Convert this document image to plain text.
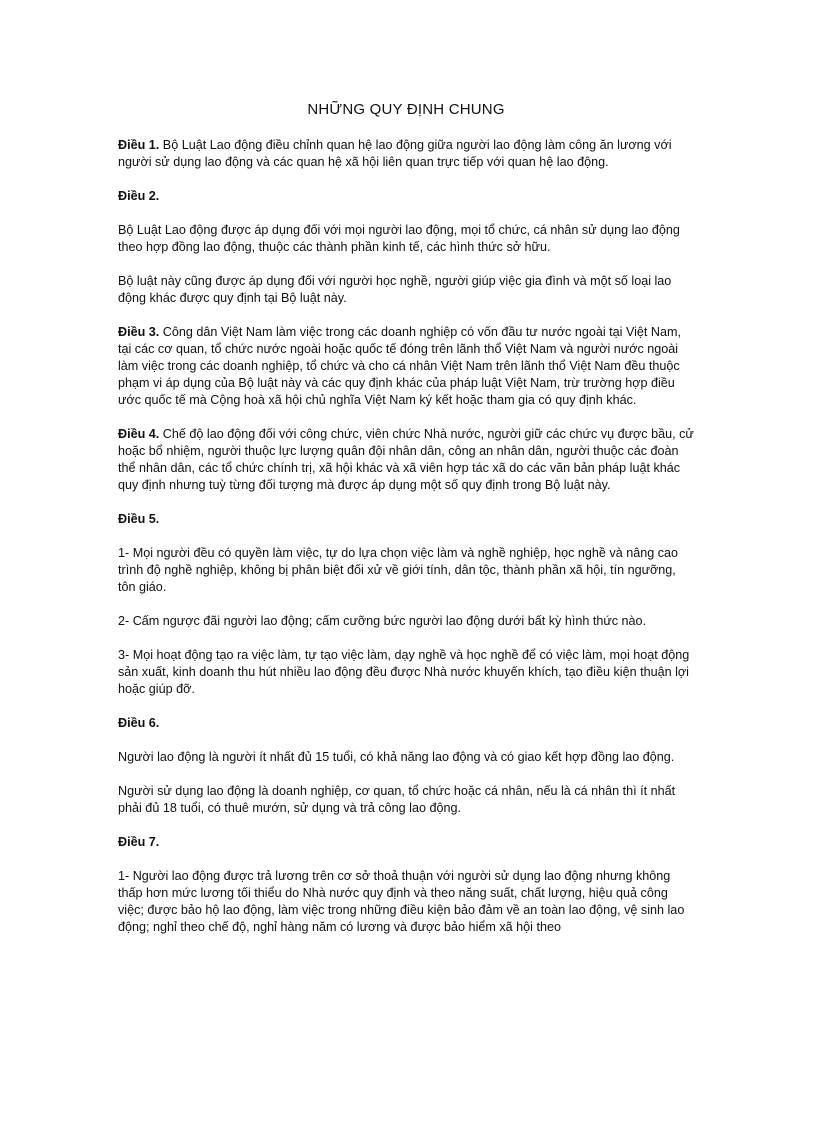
NHỮNG QUY ĐỊNH CHUNG

Điều 1. Bộ Luật Lao động điều chỉnh quan hệ lao động giữa người lao động làm công ăn lương với người sử dụng lao động và các quan hệ xã hội liên quan trực tiếp với quan hệ lao động.

Điều 2.

Bộ Luật Lao động được áp dụng đối với mọi người lao động, mọi tổ chức, cá nhân sử dụng lao động theo hợp đồng lao động, thuộc các thành phần kinh tế, các hình thức sở hữu.

Bộ luật này cũng được áp dụng đối với người học nghề, người giúp việc gia đình và một số loại lao động khác được quy định tại Bộ luật này.

Điều 3. Công dân Việt Nam làm việc trong các doanh nghiệp có vốn đầu tư nước ngoài tại Việt Nam, tại các cơ quan, tổ chức nước ngoài hoặc quốc tế đóng trên lãnh thổ Việt Nam và người nước ngoài làm việc trong các doanh nghiệp, tổ chức và cho cá nhân Việt Nam trên lãnh thổ Việt Nam đều thuộc phạm vi áp dụng của Bộ luật này và các quy định khác của pháp luật Việt Nam, trừ trường hợp điều ước quốc tế mà Cộng hoà xã hội chủ nghĩa Việt Nam ký kết hoặc tham gia có quy định khác.

Điều 4. Chế độ lao động đối với công chức, viên chức Nhà nước, người giữ các chức vụ được bầu, cử hoặc bổ nhiệm, người thuộc lực lượng quân đội nhân dân, công an nhân dân, người thuộc các đoàn thể nhân dân, các tổ chức chính trị, xã hội khác và xã viên hợp tác xã do các văn bản pháp luật khác quy định nhưng tuỳ từng đối tượng mà được áp dụng một số quy định trong Bộ luật này.

Điều 5.

1- Mọi người đều có quyền làm việc, tự do lựa chọn việc làm và nghề nghiệp, học nghề và nâng cao trình độ nghề nghiệp, không bị phân biệt đối xử về giới tính, dân tộc, thành phần xã hội, tín ngưỡng, tôn giáo.

2- Cấm ngược đãi người lao động; cấm cưỡng bức người lao động dưới bất kỳ hình thức nào.

3- Mọi hoạt động tạo ra việc làm, tự tạo việc làm, dạy nghề và học nghề để có việc làm, mọi hoạt động sản xuất, kinh doanh thu hút nhiều lao động đều được Nhà nước khuyến khích, tạo điều kiện thuận lợi hoặc giúp đỡ.

Điều 6.

Người lao động là người ít nhất đủ 15 tuổi, có khả năng lao động và có giao kết hợp đồng lao động.

Người sử dụng lao động là doanh nghiệp, cơ quan, tổ chức hoặc cá nhân, nếu là cá nhân thì ít nhất phải đủ 18 tuổi, có thuê mướn, sử dụng và trả công lao động.

Điều 7.

1- Người lao động được trả lương trên cơ sở thoả thuận với người sử dụng lao động nhưng không thấp hơn mức lương tối thiểu do Nhà nước quy định và theo năng suất, chất lượng, hiệu quả công việc; được bảo hộ lao động, làm việc trong những điều kiện bảo đảm về an toàn lao động, vệ sinh lao động; nghỉ theo chế độ, nghỉ hàng năm có lương và được bảo hiểm xã hội theo
